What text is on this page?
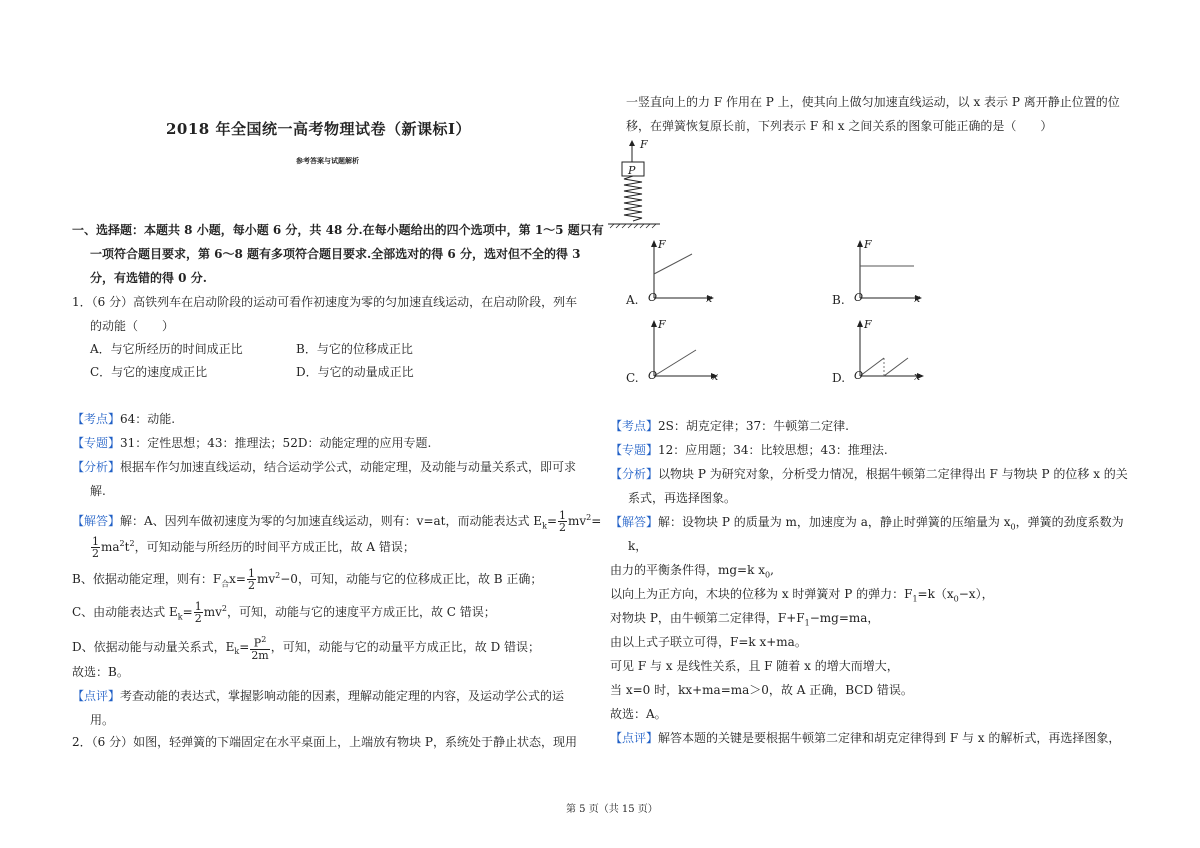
2018 年全国统一高考物理试卷（新课标Ⅰ）
参考答案与试题解析
一、选择题：本题共 8 小题，每小题 6 分，共 48 分.在每小题给出的四个选项中，第 1～5 题只有
一项符合题目要求，第 6～8 题有多项符合题目要求.全部选对的得 6 分，选对但不全的得 3
分，有选错的得 0 分.
1．（6 分）高铁列车在启动阶段的运动可看作初速度为零的匀加速直线运动，在启动阶段，列车
的动能（　　）
A．与它所经历的时间成正比	B．与它的位移成正比
C．与它的速度成正比	D．与它的动量成正比
【考点】64：动能.
【专题】31：定性思想；43：推理法；52D：动能定理的应用专题.
【分析】根据车作匀加速直线运动，结合运动学公式，动能定理，及动能与动量关系式，即可求
解.
【解答】解：A、因列车做初速度为零的匀加速直线运动，则有：v=at，而动能表达式 $E_k= \frac{1}{2} mv^2=$
$\frac{1}{2} ma^2t^2$，可知动能与所经历的时间平方成正比，故 A 错误；
B、依据动能定理，则有：$F_合x= \frac{1}{2} mv^2-0$，可知，动能与它的位移成正比，故 B 正确；
C、由动能表达式 $E_k= \frac{1}{2} mv^2$，可知，动能与它的速度平方成正比，故 C 错误；
D、依据动能与动量关系式，$E_k= \frac{P^2}{2m}$ ，可知，动能与它的动量平方成正比，故 D 错误；
故选：B。
【点评】考查动能的表达式，掌握影响动能的因素，理解动能定理的内容，及运动学公式的运
用。
2．（6 分）如图，轻弹簧的下端固定在水平桌面上，上端放有物块 P，系统处于静止状态，现用
一竖直向上的力 F 作用在 P 上，使其向上做匀加速直线运动，以 x 表示 P 离开静止位置的位
移，在弹簧恢复原长前，下列表示 F 和 x 之间关系的图象可能正确的是（　　）
F
P
F
x
O
A.
F
x
O
B.
F
x
O
C.
F
x
O
D.
【考点】2S：胡克定律；37：牛顿第二定律.
【专题】12：应用题；34：比较思想；43：推理法.
【分析】以物块 P 为研究对象，分析受力情况，根据牛顿第二定律得出 F 与物块 P 的位移 x 的关
系式，再选择图象。
【解答】解：设物块 P 的质量为 m，加速度为 a，静止时弹簧的压缩量为 $x_0$，弹簧的劲度系数为
k，
由力的平衡条件得，mg=k $x_0$,
以向上为正方向，木块的位移为 x 时弹簧对 P 的弹力：$F_1=k(x_0-x)$，
对物块 P，由牛顿第二定律得，$F+F_1-mg=ma$，
由以上式子联立可得，F=k x+ma。
可见 F 与 x 是线性关系，且 F 随着 x 的增大而增大，
当 x=0 时，kx+ma=ma＞0，故 A 正确，BCD 错误。
故选：A。
【点评】解答本题的关键是要根据牛顿第二定律和胡克定律得到 F 与 x 的解析式，再选择图象，
第 5 页（共 15 页）
